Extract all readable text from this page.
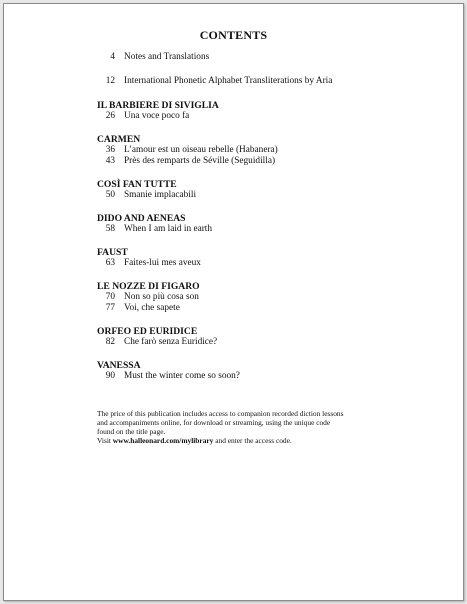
CONTENTS
4 Notes and Translations
12 International Phonetic Alphabet Transliterations by Aria
IL BARBIERE DI SIVIGLIA
26 Una voce poco fa
CARMEN
36 L’amour est un oiseau rebelle (Habanera)
43 Près des remparts de Séville (Seguidilla)
COSÌ FAN TUTTE
50 Smanie implacabili
DIDO AND AENEAS
58 When I am laid in earth
FAUST
63 Faites-lui mes aveux
LE NOZZE DI FIGARO
70 Non so più cosa son
77 Voi, che sapete
ORFEO ED EURIDICE
82 Che farò senza Euridice?
VANESSA
90 Must the winter come so soon?
The price of this publication includes access to companion recorded diction lessons
and accompaniments online, for download or streaming, using the unique code
found on the title page.
Visit www.halleonard.com/mylibrary and enter the access code.
